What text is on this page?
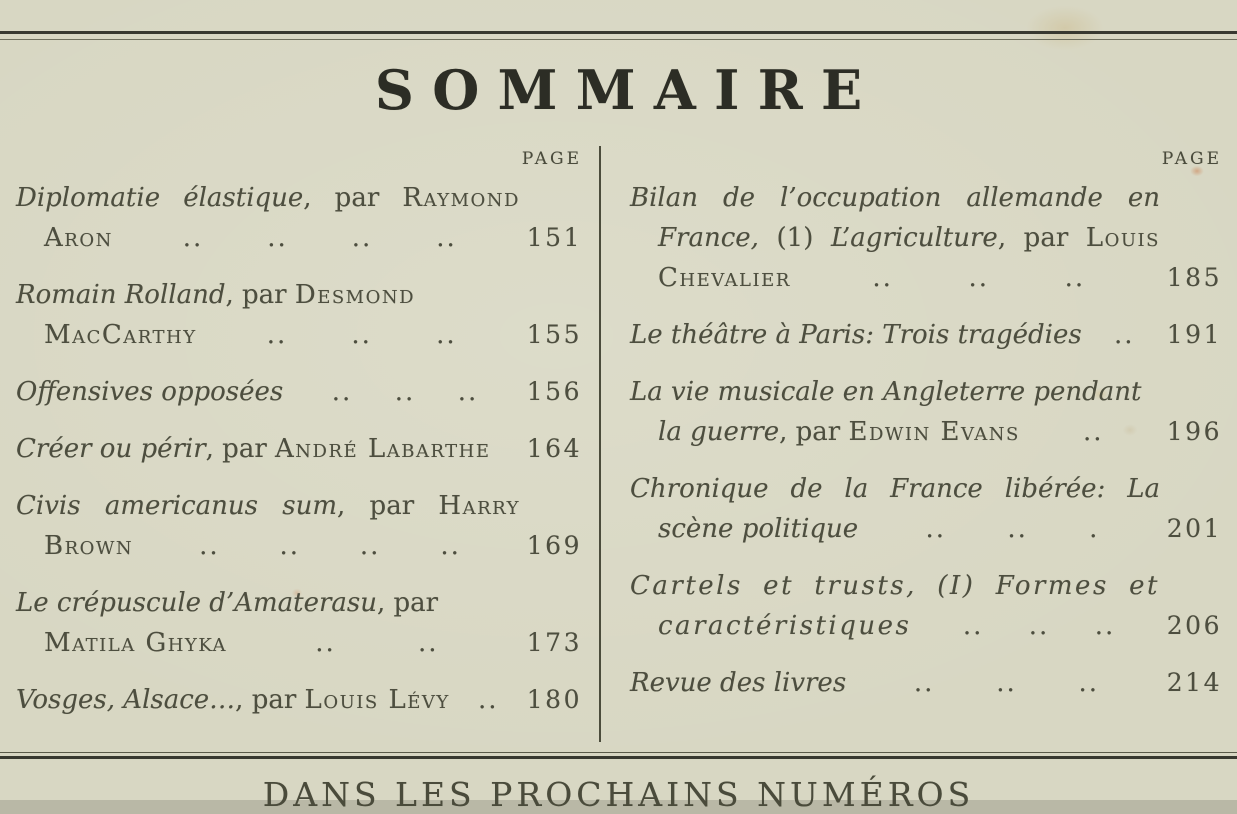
SOMMAIRE
PAGE
Diplomatie élastique, par Raymond
Aron	.. .. .. ..	151
Romain Rolland, par Desmond
MacCarthy	.. .. ..	155
Offensives opposées .. .. .. 156
Créer ou périr, par André Labarthe 164
Civis americanus sum, par Harry
Brown	.. .. .. ..	169
Le crépuscule d’Amaterasu, par
Matila Ghyka	..	..	173
Vosges, Alsace…, par Louis Lévy .. 180
PAGE
Bilan de l’occupation allemande en
France, (1) L’agriculture, par Louis
Chevalier	..	..	..	185
Le théâtre à Paris: Trois tragédies .. 191
La vie musicale en Angleterre pendant
la guerre, par Edwin Evans ..	196
Chronique de la France libérée: La
scène politique	.. .. .	201
Cartels et trusts, (I) Formes et
caractéristiques .. .. .. 206
Revue des livres	.. .. ..	214
DANS LES PROCHAINS NUMÉROS
